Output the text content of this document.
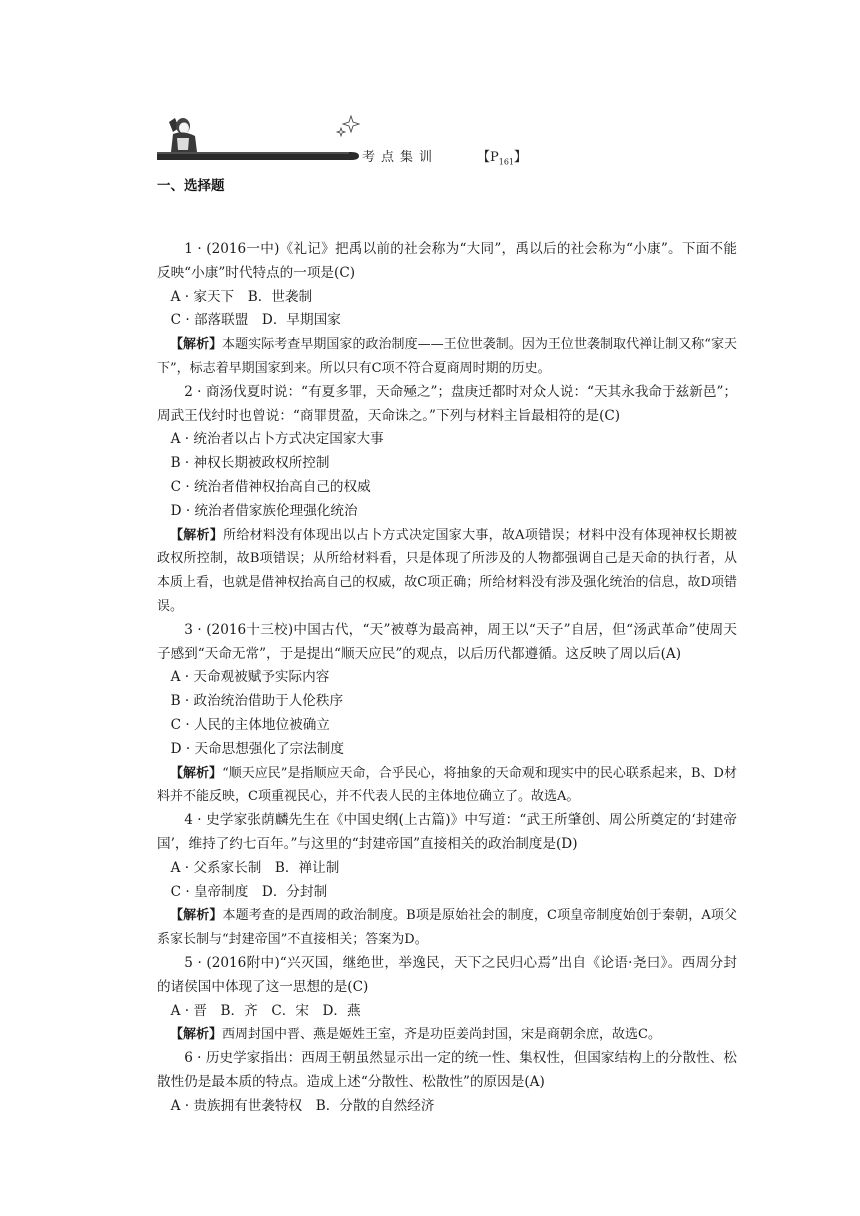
考点集训	【$P_{161}$】
一、选择题

1 · (2016一中)《礼记》把禹以前的社会称为“大同”，禹以后的社会称为“小康”。下面不能反映“小康”时代特点的一项是(C)

A · 家天下　B．世袭制

C · 部落联盟　D．早期国家

【解析】本题实际考查早期国家的政治制度——王位世袭制。因为王位世袭制取代禅让制又称“家天下”，标志着早期国家到来。所以只有C项不符合夏商周时期的历史。

2 · 商汤伐夏时说：“有夏多罪，天命殛之”；盘庚迁都时对众人说：“天其永我命于兹新邑”；周武王伐纣时也曾说：“商罪贯盈，天命诛之。”下列与材料主旨最相符的是(C)

A · 统治者以占卜方式决定国家大事

B · 神权长期被政权所控制

C · 统治者借神权抬高自己的权威

D · 统治者借家族伦理强化统治

【解析】所给材料没有体现出以占卜方式决定国家大事，故A项错误；材料中没有体现神权长期被政权所控制，故B项错误；从所给材料看，只是体现了所涉及的人物都强调自己是天命的执行者，从本质上看，也就是借神权抬高自己的权威，故C项正确；所给材料没有涉及强化统治的信息，故D项错误。

3 · (2016十三校)中国古代，“天”被尊为最高神，周王以“天子”自居，但“汤武革命”使周天子感到“天命无常”，于是提出“顺天应民”的观点，以后历代都遵循。这反映了周以后(A)

A · 天命观被赋予实际内容

B · 政治统治借助于人伦秩序

C · 人民的主体地位被确立

D · 天命思想强化了宗法制度

【解析】“顺天应民”是指顺应天命，合乎民心，将抽象的天命观和现实中的民心联系起来，B、D材料并不能反映，C项重视民心，并不代表人民的主体地位确立了。故选A。

4 · 史学家张荫麟先生在《中国史纲(上古篇)》中写道：“武王所肇创、周公所奠定的‘封建帝国’，维持了约七百年。”与这里的“封建帝国”直接相关的政治制度是(D)

A · 父系家长制　B．禅让制

C · 皇帝制度　D．分封制

【解析】本题考查的是西周的政治制度。B项是原始社会的制度，C项皇帝制度始创于秦朝，A项父系家长制与“封建帝国”不直接相关；答案为D。

5 · (2016附中)“兴灭国，继绝世，举逸民，天下之民归心焉”出自《论语·尧曰》。西周分封的诸侯国中体现了这一思想的是(C)

A · 晋　B．齐　C．宋　D．燕

【解析】西周封国中晋、燕是姬姓王室，齐是功臣姜尚封国，宋是商朝余庶，故选C。

6 · 历史学家指出：西周王朝虽然显示出一定的统一性、集权性，但国家结构上的分散性、松散性仍是最本质的特点。造成上述“分散性、松散性”的原因是(A)

A · 贵族拥有世袭特权　B．分散的自然经济
